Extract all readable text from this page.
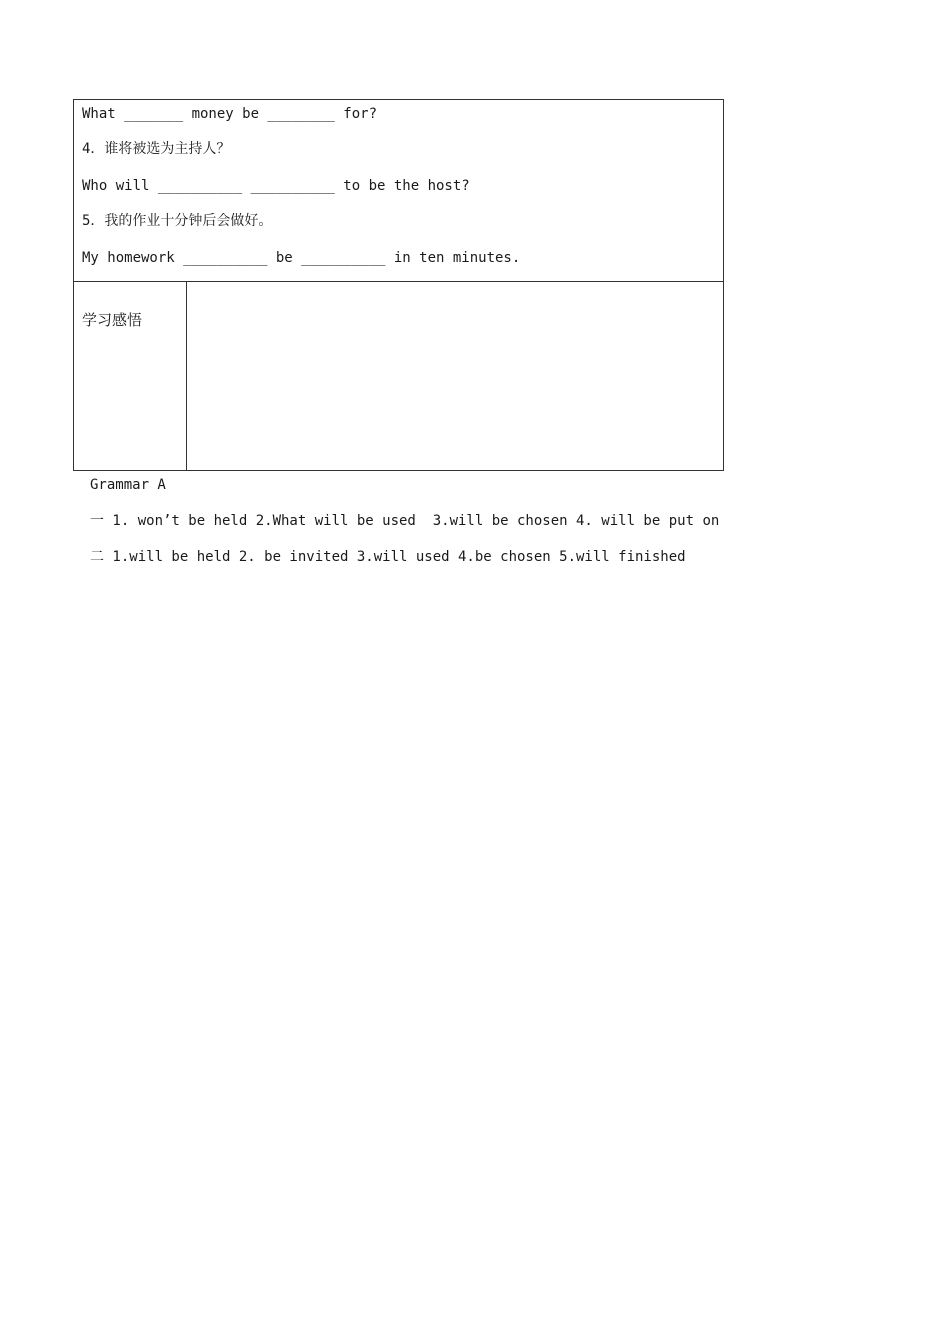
What _______ money be ________ for?
4．谁将被选为主持人？
Who will __________ __________ to be the host?
5．我的作业十分钟后会做好。
My homework __________ be __________ in ten minutes.
学习感悟
Grammar A
一 1. won’t be held 2.What will be used  3.will be chosen 4. will be put on
二 1.will be held 2. be invited 3.will used 4.be chosen 5.will finished
